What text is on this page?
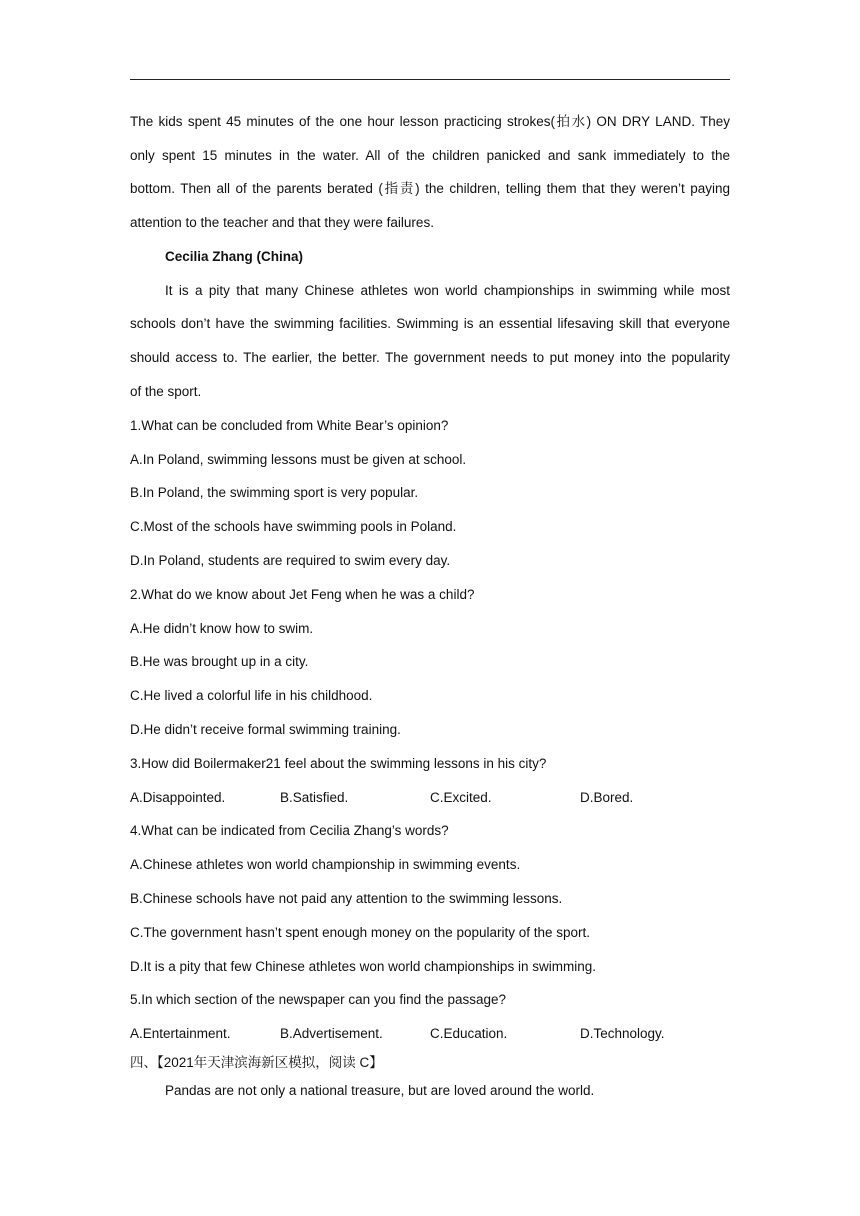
The kids spent 45 minutes of the one hour lesson practicing strokes(拍水) ON DRY LAND. They
only spent 15 minutes in the water. All of the children panicked and sank immediately to the
bottom. Then all of the parents berated (指责) the children, telling them that they weren’t paying
attention to the teacher and that they were failures.
Cecilia Zhang (China)
It is a pity that many Chinese athletes won world championships in swimming while most
schools don’t have the swimming facilities. Swimming is an essential lifesaving skill that everyone
should access to. The earlier, the better. The government needs to put money into the popularity
of the sport.
1.What can be concluded from White Bear’s opinion?
A.In Poland, swimming lessons must be given at school.
B.In Poland, the swimming sport is very popular.
C.Most of the schools have swimming pools in Poland.
D.In Poland, students are required to swim every day.
2.What do we know about Jet Feng when he was a child?
A.He didn’t know how to swim.
B.He was brought up in a city.
C.He lived a colorful life in his childhood.
D.He didn’t receive formal swimming training.
3.How did Boilermaker21 feel about the swimming lessons in his city?
A.Disappointed.	B.Satisfied.	C.Excited.	D.Bored.
4.What can be indicated from Cecilia Zhang’s words?
A.Chinese athletes won world championship in swimming events.
B.Chinese schools have not paid any attention to the swimming lessons.
C.The government hasn’t spent enough money on the popularity of the sport.
D.It is a pity that few Chinese athletes won world championships in swimming.
5.In which section of the newspaper can you find the passage?
A.Entertainment.	B.Advertisement.	C.Education.	D.Technology.
四、【2021年天津滨海新区模拟，阅读 C】
Pandas are not only a national treasure, but are loved around the world.
